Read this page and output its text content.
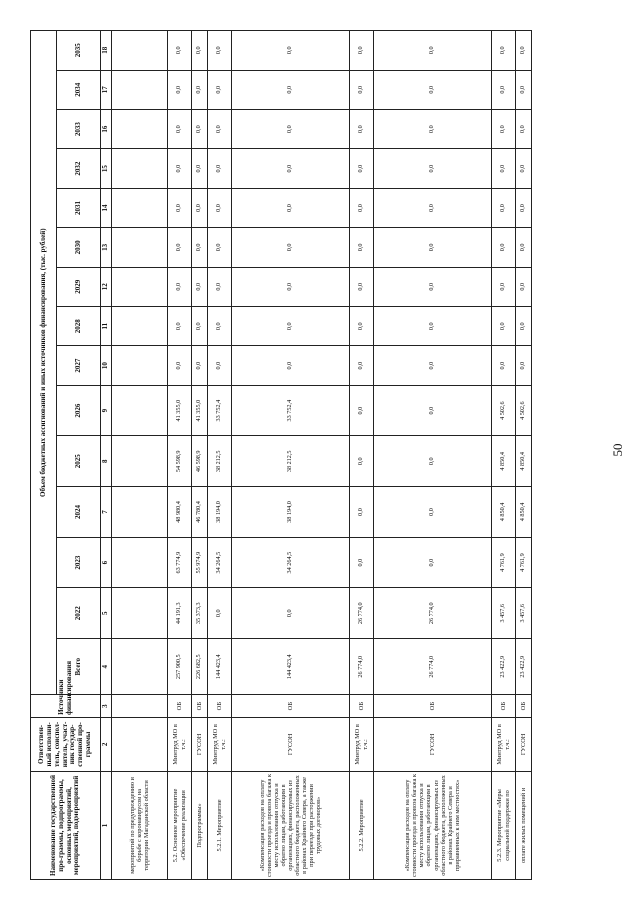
50
Наименование государственной про-граммы, подпрограммы, основных мероприятий, мероприятий, подмероприятий	Ответствен-ный исполни-тель, соиспол-нитель, участ-ник государ-ственной про-граммы	Источники финансирования	Объем бюджетных ассигнований и иных источников финансирования, (тыс. рублей)														
			Всего	2022	2023	2024	2025	2026	2027	2028	2029	2030	2031	2032	2033	2034	2035
1	2	3	4	5	6	7	8	9	10	11	12	13	14	15	16	17	18
мероприятий по предупреждению и борьбе с коронавирусом на территории Магаданской области																	
5.2. Основное мероприятие «Обеспечение реализации	Минтруд МО в т.ч.:	ОБ	257 900,5	44 191,3	63 774,9	48 980,4	54 598,9	41 355,0	0,0	0,0	0,0	0,0	0,0	0,0	0,0	0,0	0,0
Подпрограммы»	ГУСОН	ОБ	226 682,5	35 373,3	55 974,9	46 780,4	46 598,9	41 355,0	0,0	0,0	0,0	0,0	0,0	0,0	0,0	0,0	0,0
5.2.1. Мероприятие	Минтруд МО в т.ч.:	ОБ	144 423,4	0,0	34 264,5	38 194,0	38 212,5	33 752,4	0,0	0,0	0,0	0,0	0,0	0,0	0,0	0,0	0,0
«Компенсация расходов на оплату стоимости проезда и провоза багажа к месту использования отпуска и обратно лицам, работающим в организациях, финансируемых из областного бюджета, расположенных в районах Крайнего Севера, а также при переезде при расторжении трудовых договоров»	ГУСОН	ОБ	144 423,4	0,0	34 264,5	38 194,0	38 212,5	33 752,4	0,0	0,0	0,0	0,0	0,0	0,0	0,0	0,0	0,0
5.2.2. Мероприятие	Минтруд МО в т.ч.:	ОБ	26 774,0	26 774,0	0,0	0,0	0,0	0,0	0,0	0,0	0,0	0,0	0,0	0,0	0,0	0,0	0,0
«Компенсация расходов на оплату стоимости проезда и провоза багажа к месту использования отпуска и обратно лицам, работающим в организациях, финансируемых из областного бюджета, расположенных в районах Крайнего Севера и приравненных к ним местностях»	ГУСОН	ОБ	26 774,0	26 774,0	0,0	0,0	0,0	0,0	0,0	0,0	0,0	0,0	0,0	0,0	0,0	0,0	0,0
5.2.3. Мероприятие «Меры социальной поддержки по	Минтруд МО в т.ч.:	ОБ	23 422,9	3 457,6	4 761,9	4 850,4	4 850,4	4 502,6	0,0	0,0	0,0	0,0	0,0	0,0	0,0	0,0	0,0
оплате жилых помещений и	ГУСОН	ОБ	23 422,9	3 457,6	4 761,9	4 850,4	4 850,4	4 502,6	0,0	0,0	0,0	0,0	0,0	0,0	0,0	0,0	0,0
